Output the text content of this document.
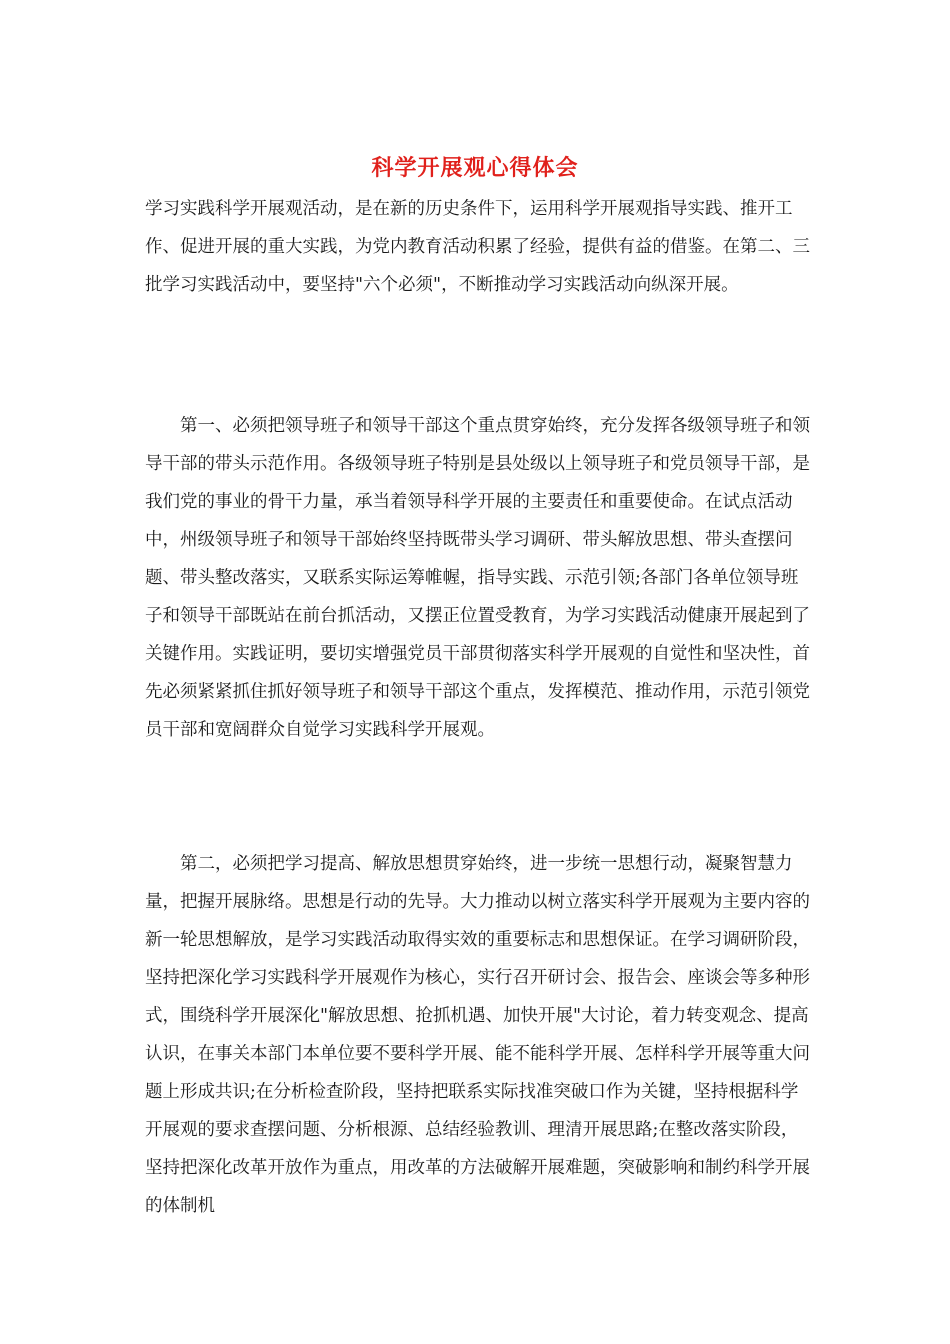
科学开展观心得体会

学习实践科学开展观活动，是在新的历史条件下，运用科学开展观指导实践、推开工作、促进开展的重大实践，为党内教育活动积累了经验，提供有益的借鉴。在第二、三批学习实践活动中，要坚持"六个必须"，不断推动学习实践活动向纵深开展。

第一、必须把领导班子和领导干部这个重点贯穿始终，充分发挥各级领导班子和领导干部的带头示范作用。各级领导班子特别是县处级以上领导班子和党员领导干部，是我们党的事业的骨干力量，承当着领导科学开展的主要责任和重要使命。在试点活动中，州级领导班子和领导干部始终坚持既带头学习调研、带头解放思想、带头查摆问题、带头整改落实，又联系实际运筹帷幄，指导实践、示范引领;各部门各单位领导班子和领导干部既站在前台抓活动，又摆正位置受教育，为学习实践活动健康开展起到了关键作用。实践证明，要切实增强党员干部贯彻落实科学开展观的自觉性和坚决性，首先必须紧紧抓住抓好领导班子和领导干部这个重点，发挥模范、推动作用，示范引领党员干部和宽阔群众自觉学习实践科学开展观。

第二，必须把学习提高、解放思想贯穿始终，进一步统一思想行动，凝聚智慧力量，把握开展脉络。思想是行动的先导。大力推动以树立落实科学开展观为主要内容的新一轮思想解放，是学习实践活动取得实效的重要标志和思想保证。在学习调研阶段，坚持把深化学习实践科学开展观作为核心，实行召开研讨会、报告会、座谈会等多种形式，围绕科学开展深化"解放思想、抢抓机遇、加快开展"大讨论，着力转变观念、提高认识，在事关本部门本单位要不要科学开展、能不能科学开展、怎样科学开展等重大问题上形成共识;在分析检查阶段，坚持把联系实际找准突破口作为关键，坚持根据科学开展观的要求查摆问题、分析根源、总结经验教训、理清开展思路;在整改落实阶段，坚持把深化改革开放作为重点，用改革的方法破解开展难题，突破影响和制约科学开展的体制机
